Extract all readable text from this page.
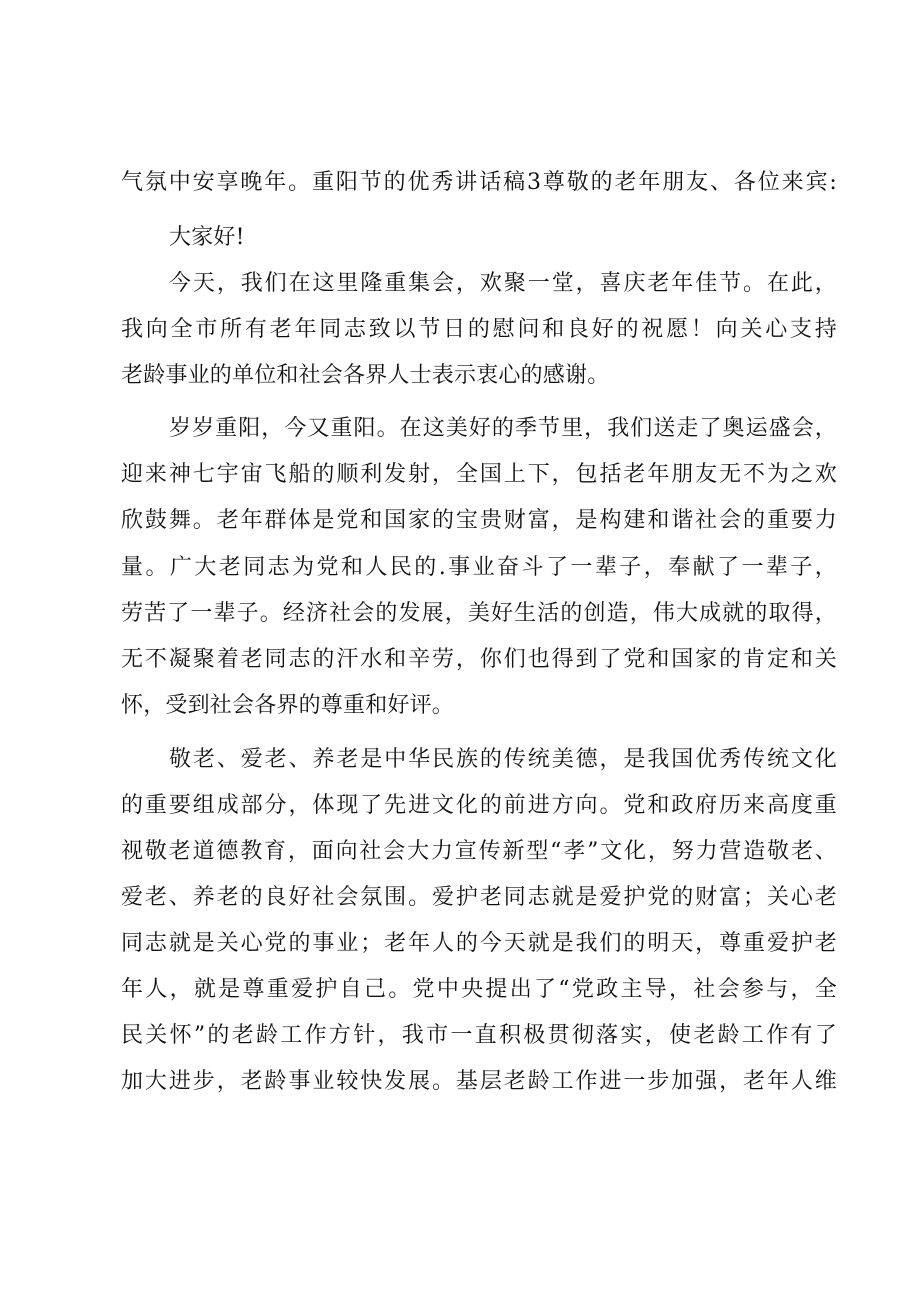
气氛中安享晚年。重阳节的优秀讲话稿3尊敬的老年朋友、各位来宾:
大家好!
今天，我们在这里隆重集会，欢聚一堂，喜庆老年佳节。在此，
我向全市所有老年同志致以节日的慰问和良好的祝愿！向关心支持
老龄事业的单位和社会各界人士表示衷心的感谢。
岁岁重阳，今又重阳。在这美好的季节里，我们送走了奥运盛会，
迎来神七宇宙飞船的顺利发射，全国上下，包括老年朋友无不为之欢
欣鼓舞。老年群体是党和国家的宝贵财富，是构建和谐社会的重要力
量。广大老同志为党和人民的.事业奋斗了一辈子，奉献了一辈子，
劳苦了一辈子。经济社会的发展，美好生活的创造，伟大成就的取得，
无不凝聚着老同志的汗水和辛劳，你们也得到了党和国家的肯定和关
怀，受到社会各界的尊重和好评。
敬老、爱老、养老是中华民族的传统美德，是我国优秀传统文化
的重要组成部分，体现了先进文化的前进方向。党和政府历来高度重
视敬老道德教育，面向社会大力宣传新型“孝”文化，努力营造敬老、
爱老、养老的良好社会氛围。爱护老同志就是爱护党的财富；关心老
同志就是关心党的事业；老年人的今天就是我们的明天，尊重爱护老
年人，就是尊重爱护自己。党中央提出了“党政主导，社会参与，全
民关怀”的老龄工作方针，我市一直积极贯彻落实，使老龄工作有了
加大进步，老龄事业较快发展。基层老龄工作进一步加强，老年人维
